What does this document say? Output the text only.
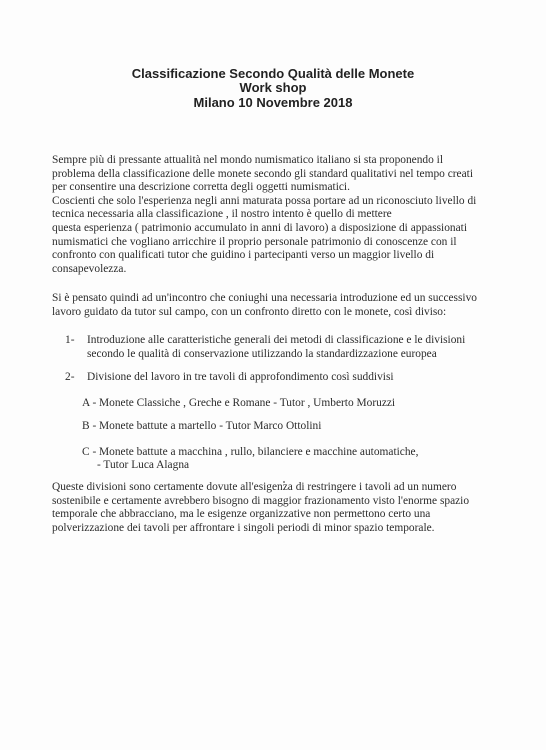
Classificazione Secondo Qualità delle Monete
Work shop
Milano 10 Novembre 2018
Sempre più di pressante attualità nel mondo numismatico italiano si sta proponendo il
problema della classificazione delle monete secondo gli standard qualitativi nel tempo creati
per consentire una descrizione corretta degli oggetti numismatici.
Coscienti che solo l'esperienza negli anni maturata possa portare ad un riconosciuto livello di
tecnica necessaria alla classificazione , il nostro intento è quello di mettere
questa esperienza ( patrimonio accumulato in anni di lavoro) a disposizione di appassionati
numismatici che vogliano arricchire il proprio personale patrimonio di conoscenze con il
confronto con qualificati tutor che guidino i partecipanti verso un maggior livello di
consapevolezza.
Si è pensato quindi ad un'incontro che coniughi una necessaria introduzione ed un successivo
lavoro guidato da tutor sul campo, con un confronto diretto con le monete, così diviso:
1- Introduzione alle caratteristiche generali dei metodi di classificazione e le divisioni
secondo le qualità di conservazione utilizzando la standardizzazione europea
2- Divisione del lavoro in tre tavoli di approfondimento così suddivisi
A - Monete Classiche , Greche e Romane - Tutor , Umberto Moruzzi
B - Monete battute a martello - Tutor Marco Ottolini
C - Monete battute a macchina , rullo, bilanciere e macchine automatiche,
- Tutor Luca Alagna
Queste divisioni sono certamente dovute all'esigenza di restringere i tavoli ad un numero
sostenibile e certamente avrebbero bisogno di maggior frazionamento visto l'enorme spazio
temporale che abbracciano, ma le esigenze organizzative non permettono certo una
polverizzazione dei tavoli per affrontare i singoli periodi di minor spazio temporale.
